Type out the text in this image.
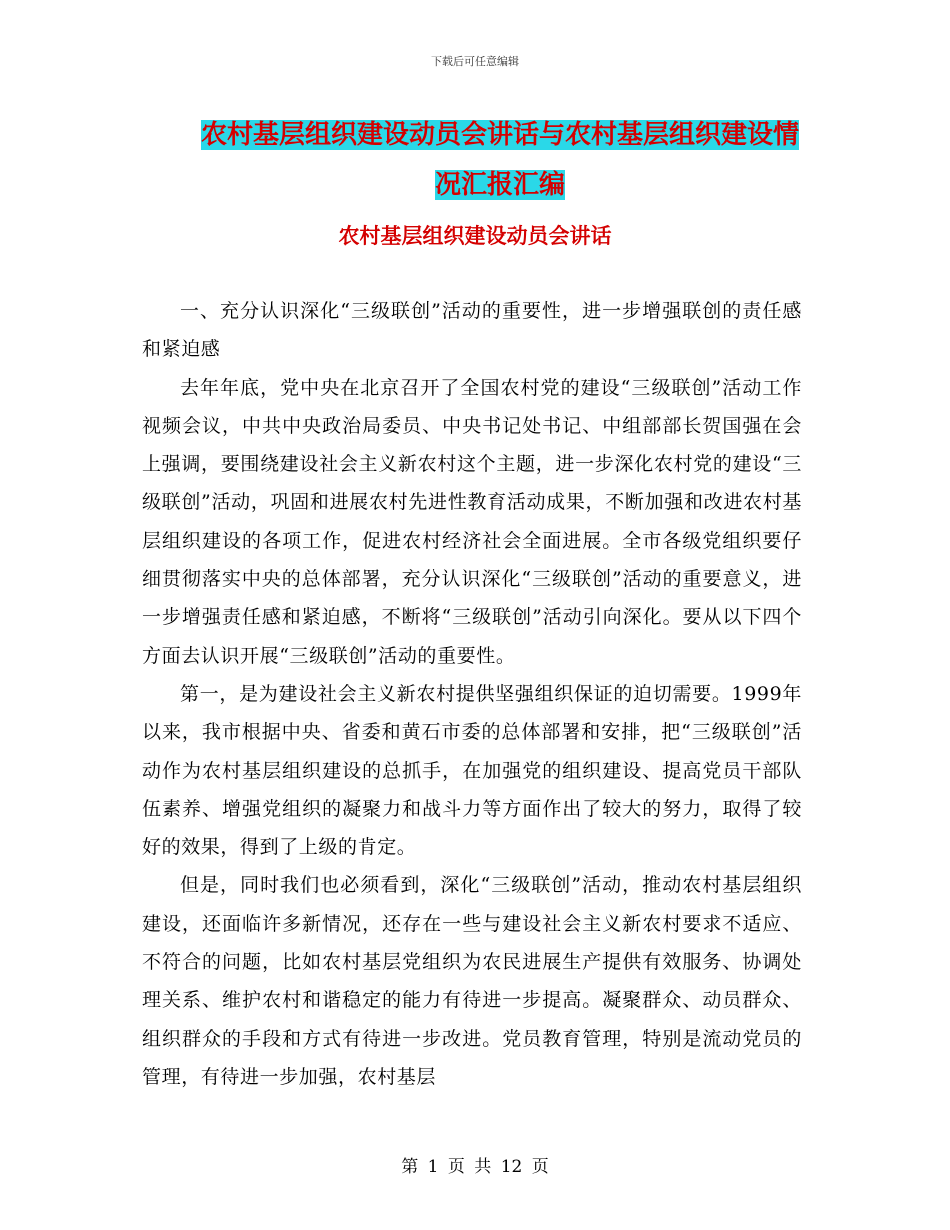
下载后可任意编辑
农村基层组织建设动员会讲话与农村基层组织建设情
况汇报汇编
农村基层组织建设动员会讲话

一、充分认识深化“三级联创”活动的重要性，进一步增强联创的责任感和紧迫感

去年年底，党中央在北京召开了全国农村党的建设“三级联创”活动工作视频会议，中共中央政治局委员、中央书记处书记、中组部部长贺国强在会上强调，要围绕建设社会主义新农村这个主题，进一步深化农村党的建设“三级联创”活动，巩固和进展农村先进性教育活动成果，不断加强和改进农村基层组织建设的各项工作，促进农村经济社会全面进展。全市各级党组织要仔细贯彻落实中央的总体部署，充分认识深化“三级联创”活动的重要意义，进一步增强责任感和紧迫感，不断将“三级联创”活动引向深化。要从以下四个方面去认识开展“三级联创”活动的重要性。

第一，是为建设社会主义新农村提供坚强组织保证的迫切需要。1999年以来，我市根据中央、省委和黄石市委的总体部署和安排，把“三级联创”活动作为农村基层组织建设的总抓手，在加强党的组织建设、提高党员干部队伍素养、增强党组织的凝聚力和战斗力等方面作出了较大的努力，取得了较好的效果，得到了上级的肯定。

但是，同时我们也必须看到，深化“三级联创”活动，推动农村基层组织建设，还面临许多新情况，还存在一些与建设社会主义新农村要求不适应、不符合的问题，比如农村基层党组织为农民进展生产提供有效服务、协调处理关系、维护农村和谐稳定的能力有待进一步提高。凝聚群众、动员群众、组织群众的手段和方式有待进一步改进。党员教育管理，特别是流动党员的管理，有待进一步加强，农村基层

第 1 页 共 12 页
